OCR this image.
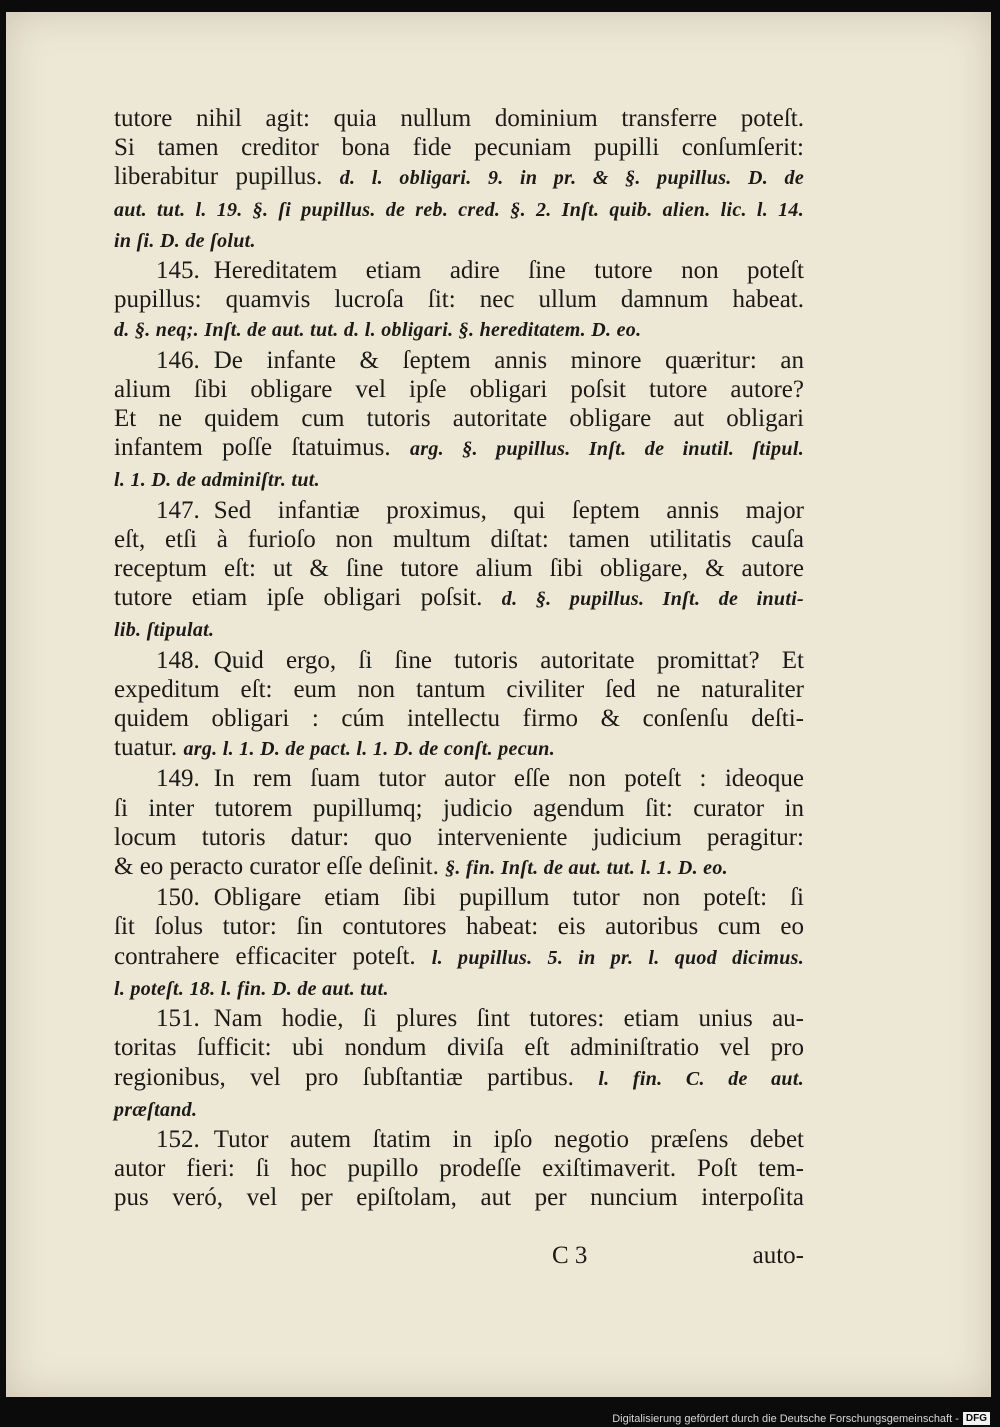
tutore nihil agit: quia nullum dominium transferre poteſt.
Si tamen creditor bona fide pecuniam pupilli conſumſerit:
liberabitur pupillus. d. l. obligari. 9. in pr. & §. pupillus. D. de
aut. tut. l. 19. §. ſi pupillus. de reb. cred. §. 2. Inſt. quib. alien. lic. l. 14.
in ſi. D. de ſolut.
145. Hereditatem etiam adire ſine tutore non poteſt
pupillus: quamvis lucroſa ſit: nec ullum damnum habeat.
d. §. neq;. Inſt. de aut. tut. d. l. obligari. §. hereditatem. D. eo.
146. De infante & ſeptem annis minore quæritur: an
alium ſibi obligare vel ipſe obligari poſsit tutore autore?
Et ne quidem cum tutoris autoritate obligare aut obligari
infantem poſſe ſtatuimus. arg. §. pupillus. Inſt. de inutil. ſtipul.
l. 1. D. de adminiſtr. tut.
147. Sed infantiæ proximus, qui ſeptem annis major
eſt, etſi à furioſo non multum diſtat: tamen utilitatis cauſa
receptum eſt: ut & ſine tutore alium ſibi obligare, & autore
tutore etiam ipſe obligari poſsit. d. §. pupillus. Inſt. de inuti-
lib. ſtipulat.
148. Quid ergo, ſi ſine tutoris autoritate promittat? Et
expeditum eſt: eum non tantum civiliter ſed ne naturaliter
quidem obligari : cúm intellectu firmo & conſenſu deſti-
tuatur. arg. l. 1. D. de pact. l. 1. D. de conſt. pecun.
149. In rem ſuam tutor autor eſſe non poteſt : ideoque
ſi inter tutorem pupillumq; judicio agendum ſit: curator in
locum tutoris datur: quo interveniente judicium peragitur:
& eo peracto curator eſſe deſinit. §. fin. Inſt. de aut. tut. l. 1. D. eo.
150. Obligare etiam ſibi pupillum tutor non poteſt: ſi
ſit ſolus tutor: ſin contutores habeat: eis autoribus cum eo
contrahere efficaciter poteſt. l. pupillus. 5. in pr. l. quod dicimus.
l. poteſt. 18. l. fin. D. de aut. tut.
151. Nam hodie, ſi plures ſint tutores: etiam unius au-
toritas ſufficit: ubi nondum diviſa eſt adminiſtratio vel pro
regionibus, vel pro ſubſtantiæ partibus. l. fin. C. de aut.
præſtand.
152. Tutor autem ſtatim in ipſo negotio præſens debet
autor fieri: ſi hoc pupillo prodeſſe exiſtimaverit. Poſt tem-
pus veró, vel per epiſtolam, aut per nuncium interpoſita
C 3	auto-
Digitalisierung gefördert durch die Deutsche Forschungsgemeinschaft - DFG
